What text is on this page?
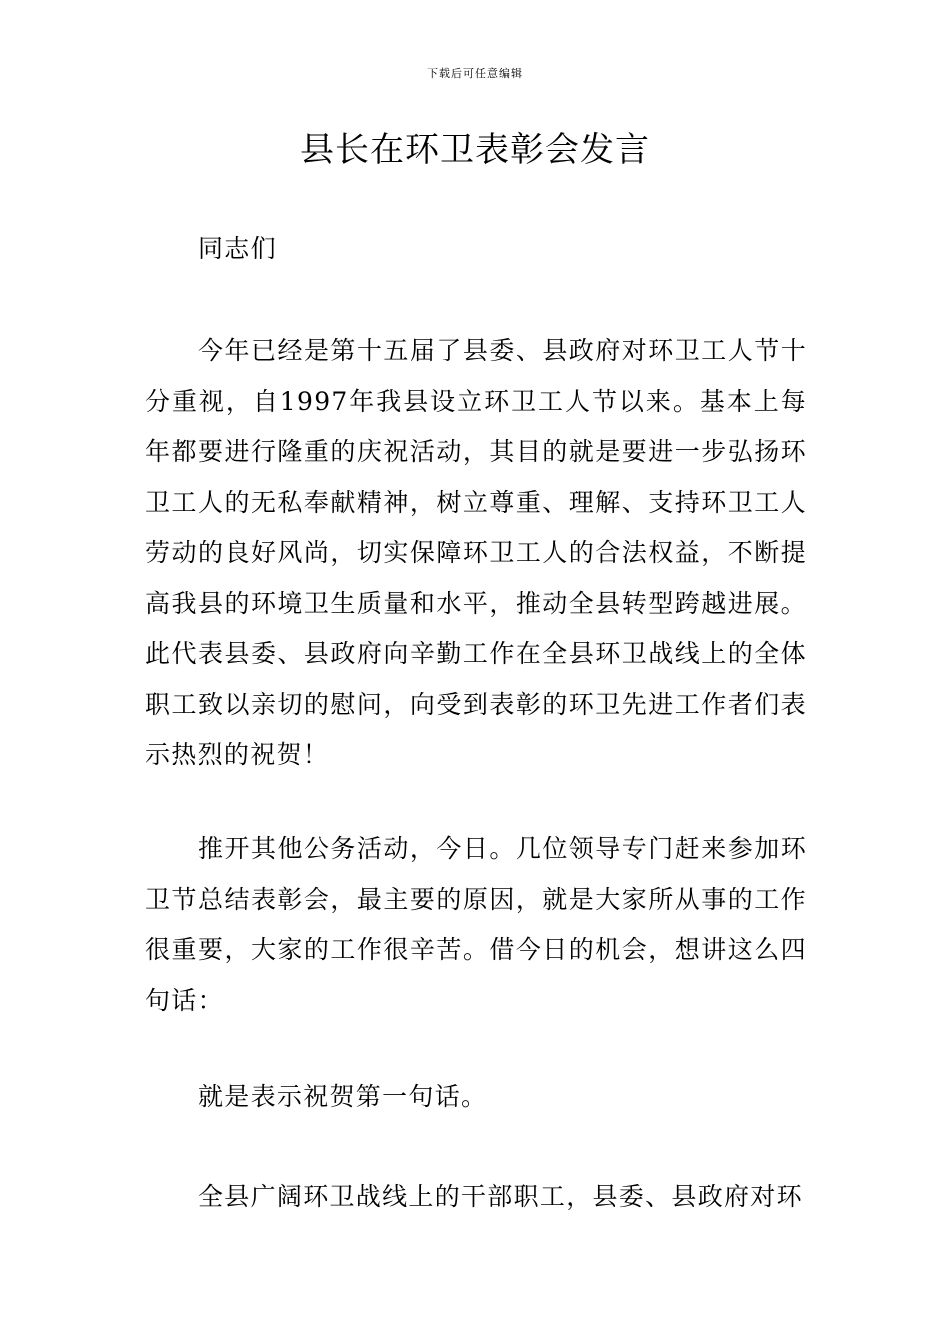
下载后可任意编辑
县长在环卫表彰会发言

同志们

今年已经是第十五届了县委、县政府对环卫工人节十分重视，自1997年我县设立环卫工人节以来。基本上每年都要进行隆重的庆祝活动，其目的就是要进一步弘扬环卫工人的无私奉献精神，树立尊重、理解、支持环卫工人劳动的良好风尚，切实保障环卫工人的合法权益，不断提高我县的环境卫生质量和水平，推动全县转型跨越进展。此代表县委、县政府向辛勤工作在全县环卫战线上的全体职工致以亲切的慰问，向受到表彰的环卫先进工作者们表示热烈的祝贺！

推开其他公务活动，今日。几位领导专门赶来参加环卫节总结表彰会，最主要的原因，就是大家所从事的工作很重要，大家的工作很辛苦。借今日的机会，想讲这么四句话：

就是表示祝贺第一句话。

全县广阔环卫战线上的干部职工，县委、县政府对环
